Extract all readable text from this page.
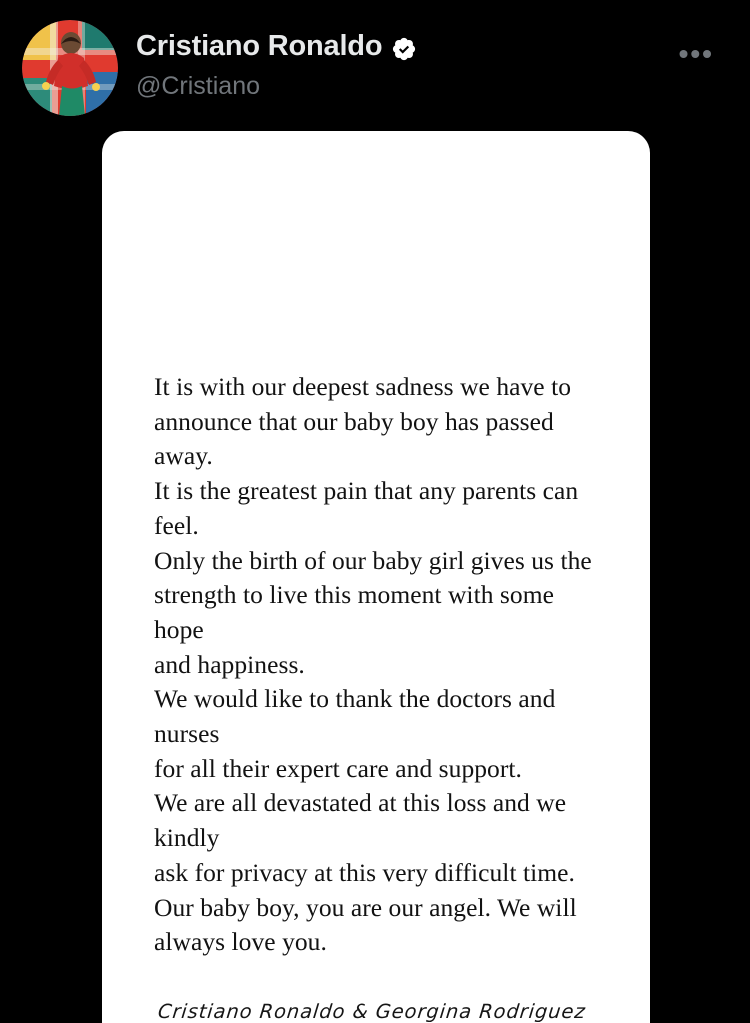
Cristiano Ronaldo
@Cristiano
•••
It is with our deepest sadness we have to
announce that our baby boy has passed away.
It is the greatest pain that any parents can feel.
Only the birth of our baby girl gives us the
strength to live this moment with some hope
and happiness.
We would like to thank the doctors and nurses
for all their expert care and support.
We are all devastated at this loss and we kindly
ask for privacy at this very difficult time.
Our baby boy, you are our angel. We will
always love you.
Cristiano Ronaldo & Georgina Rodriguez
